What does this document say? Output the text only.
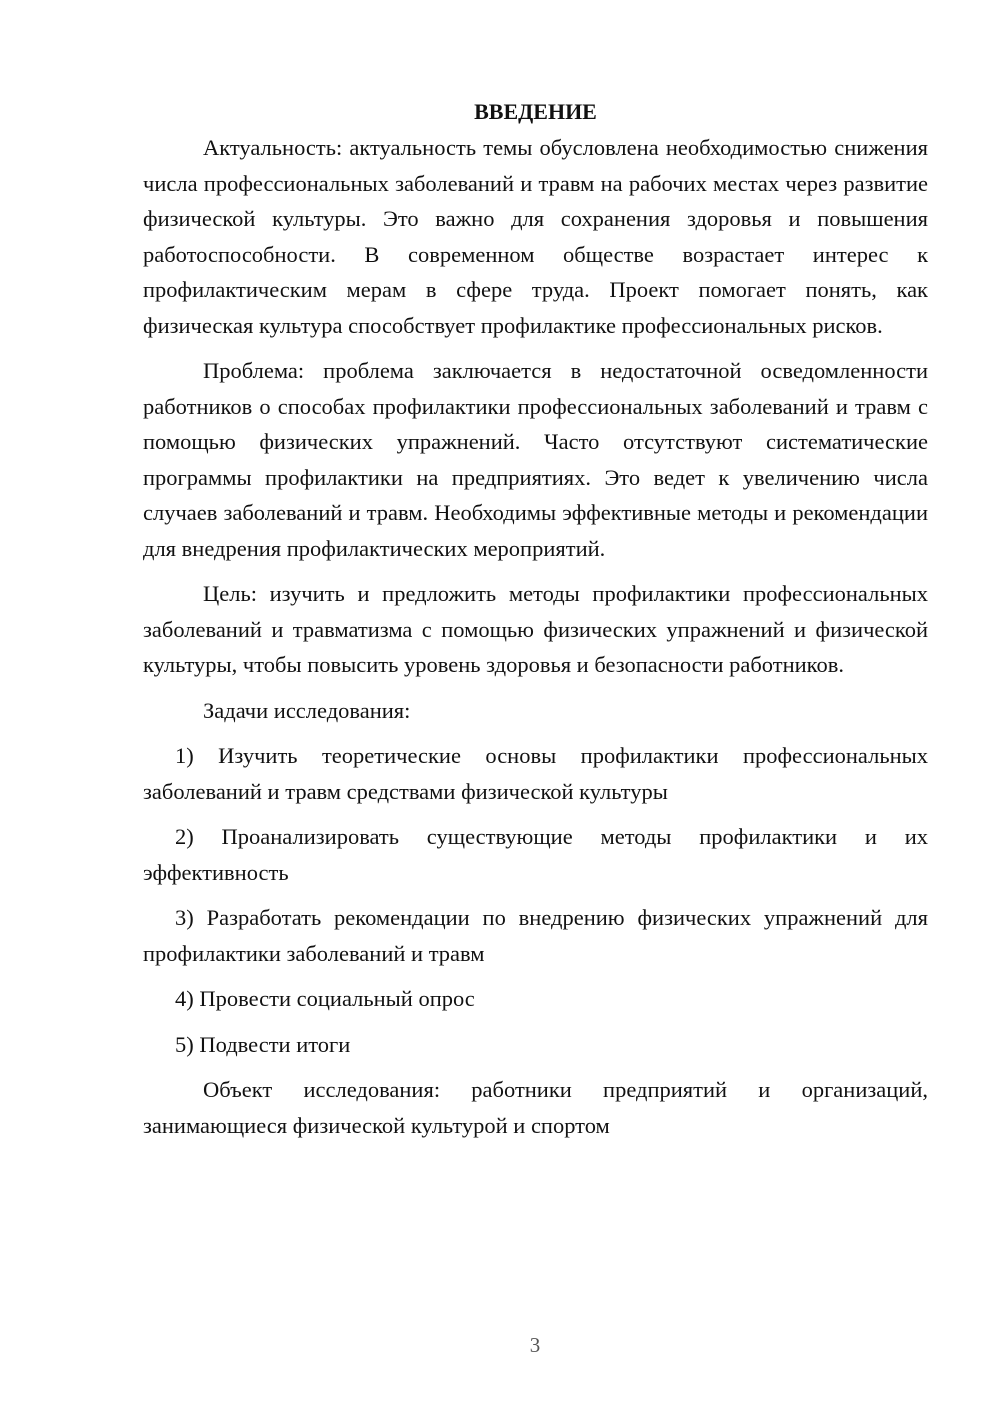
ВВЕДЕНИЕ

Актуальность: актуальность темы обусловлена необходимостью снижения числа профессиональных заболеваний и травм на рабочих местах через развитие физической культуры. Это важно для сохранения здоровья и повышения работоспособности. В современном обществе возрастает интерес к профилактическим мерам в сфере труда. Проект помогает понять, как физическая культура способствует профилактике профессиональных рисков.

Проблема: проблема заключается в недостаточной осведомленности работников о способах профилактики профессиональных заболеваний и травм с помощью физических упражнений. Часто отсутствуют систематические программы профилактики на предприятиях. Это ведет к увеличению числа случаев заболеваний и травм. Необходимы эффективные методы и рекомендации для внедрения профилактических мероприятий.

Цель: изучить и предложить методы профилактики профессиональных заболеваний и травматизма с помощью физических упражнений и физической культуры, чтобы повысить уровень здоровья и безопасности работников.

Задачи исследования:

1) Изучить теоретические основы профилактики профессиональных заболеваний и травм средствами физической культуры

2) Проанализировать существующие методы профилактики и их эффективность

3) Разработать рекомендации по внедрению физических упражнений для профилактики заболеваний и травм

4) Провести социальный опрос

5) Подвести итоги

Объект исследования: работники предприятий и организаций, занимающиеся физической культурой и спортом

3
